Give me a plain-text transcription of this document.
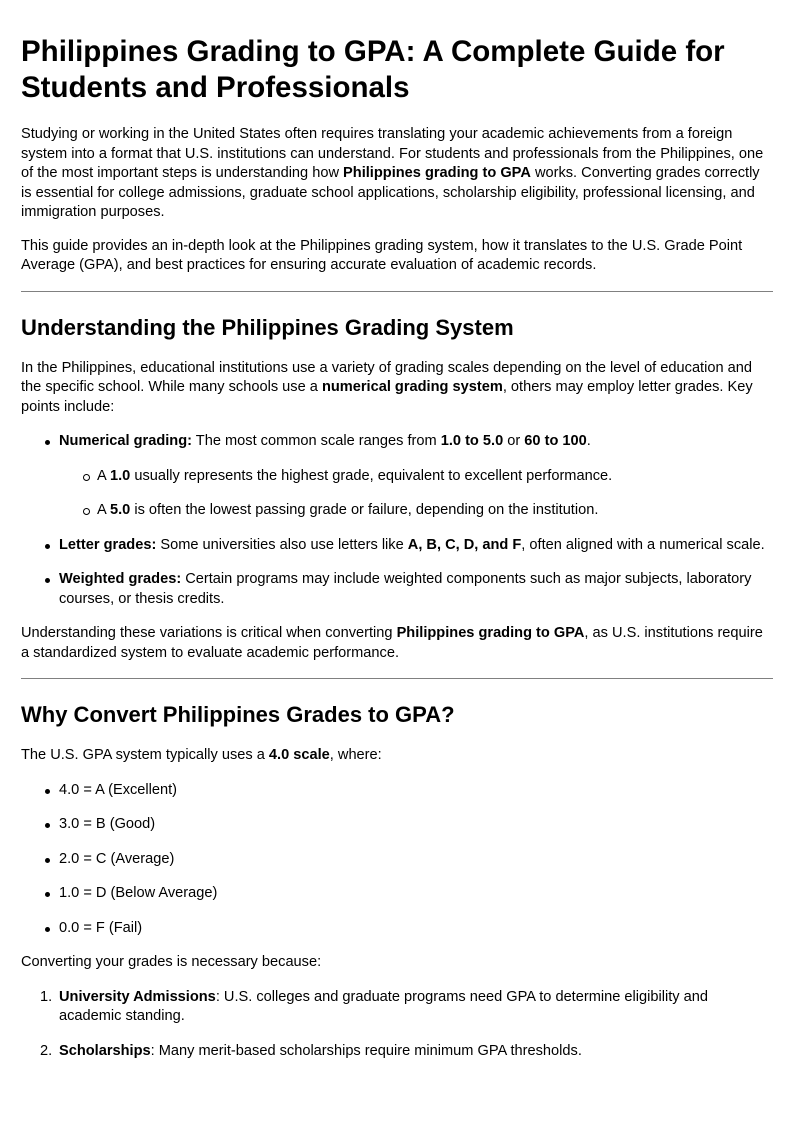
Philippines Grading to GPA: A Complete Guide for Students and Professionals

Studying or working in the United States often requires translating your academic achievements from a foreign system into a format that U.S. institutions can understand. For students and professionals from the Philippines, one of the most important steps is understanding how Philippines grading to GPA works. Converting grades correctly is essential for college admissions, graduate school applications, scholarship eligibility, professional licensing, and immigration purposes.

This guide provides an in-depth look at the Philippines grading system, how it translates to the U.S. Grade Point Average (GPA), and best practices for ensuring accurate evaluation of academic records.

Understanding the Philippines Grading System

In the Philippines, educational institutions use a variety of grading scales depending on the level of education and the specific school. While many schools use a numerical grading system, others may employ letter grades. Key points include:

Numerical grading: The most common scale ranges from 1.0 to 5.0 or 60 to 100.
A 1.0 usually represents the highest grade, equivalent to excellent performance.
A 5.0 is often the lowest passing grade or failure, depending on the institution.
Letter grades: Some universities also use letters like A, B, C, D, and F, often aligned with a numerical scale.
Weighted grades: Certain programs may include weighted components such as major subjects, laboratory courses, or thesis credits.

Understanding these variations is critical when converting Philippines grading to GPA, as U.S. institutions require a standardized system to evaluate academic performance.

Why Convert Philippines Grades to GPA?

The U.S. GPA system typically uses a 4.0 scale, where:

4.0 = A (Excellent)
3.0 = B (Good)
2.0 = C (Average)
1.0 = D (Below Average)
0.0 = F (Fail)

Converting your grades is necessary because:

1. University Admissions: U.S. colleges and graduate programs need GPA to determine eligibility and academic standing.
2. Scholarships: Many merit-based scholarships require minimum GPA thresholds.
